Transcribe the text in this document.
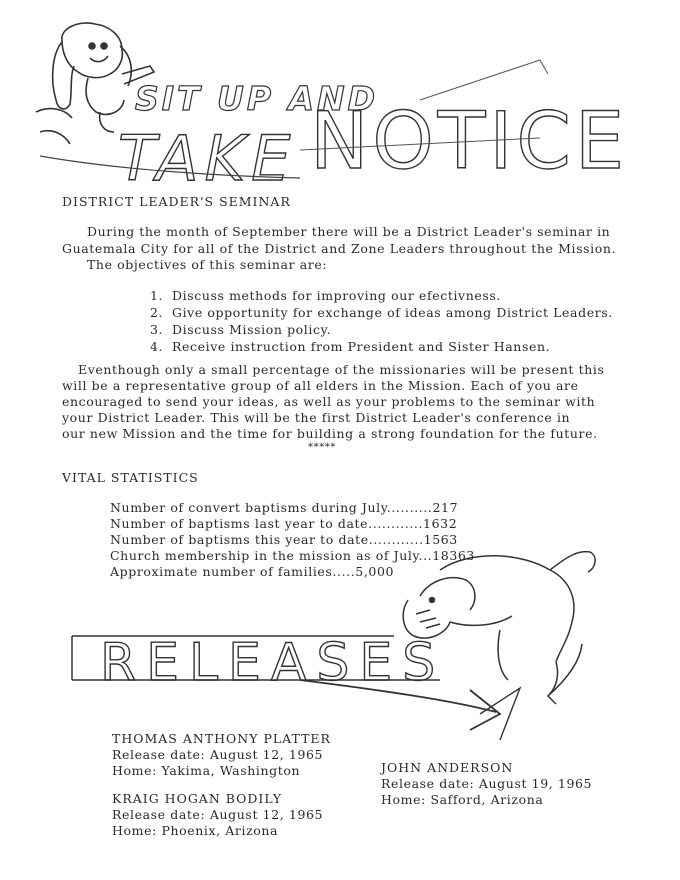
SIT UP AND
TAKE NOTICE
DISTRICT LEADER'S SEMINAR
During the month of September there will be a District Leader's seminar in
Guatemala City for all of the District and Zone Leaders throughout the Mission.
The objectives of this seminar are:
1. Discuss methods for improving our efectivness.
2. Give opportunity for exchange of ideas among District Leaders.
3. Discuss Mission policy.
4. Receive instruction from President and Sister Hansen.
Eventhough only a small percentage of the missionaries will be present this
will be a representative group of all elders in the Mission. Each of you are
encouraged to send your ideas, as well as your problems to the seminar with
your District Leader. This will be the first District Leader's conference in
our new Mission and the time for building a strong foundation for the future.
*****
VITAL STATISTICS
Number of convert baptisms during July..........217
Number of baptisms last year to date............1632
Number of baptisms this year to date............1563
Church membership in the mission as of July...18363
Approximate number of families.....5,000
RELEASES
THOMAS ANTHONY PLATTER
Release date: August 12, 1965
Home: Yakima, Washington	JOHN ANDERSON
Release date: August 19, 1965
Home: Safford, Arizona
KRAIG HOGAN BODILY
Release date: August 12, 1965
Home: Phoenix, Arizona
